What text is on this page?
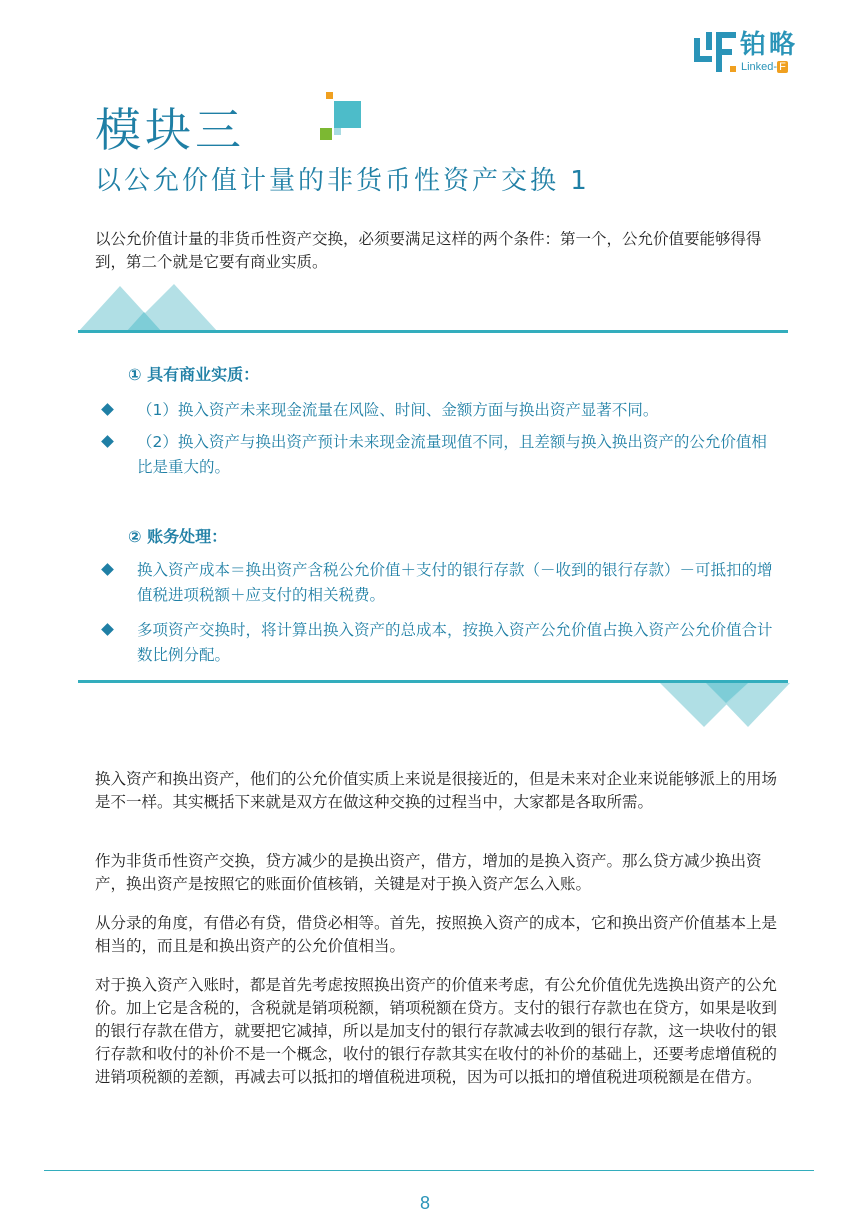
铂略
Linked- F
模块三
以公允价值计量的非货币性资产交换 1

以公允价值计量的非货币性资产交换，必须要满足这样的两个条件：第一个，公允价值要能够得得到，第二个就是它要有商业实质。

① 具有商业实质：

（1）换入资产未来现金流量在风险、时间、金额方面与换出资产显著不同。
（2）换入资产与换出资产预计未来现金流量现值不同，且差额与换入换出资产的公允价值相比是重大的。

② 账务处理：

换入资产成本＝换出资产含税公允价值＋支付的银行存款（－收到的银行存款）－可抵扣的增值税进项税额＋应支付的相关税费。
多项资产交换时，将计算出换入资产的总成本，按换入资产公允价值占换入资产公允价值合计数比例分配。

换入资产和换出资产，他们的公允价值实质上来说是很接近的，但是未来对企业来说能够派上的用场是不一样。其实概括下来就是双方在做这种交换的过程当中，大家都是各取所需。

作为非货币性资产交换，贷方减少的是换出资产，借方，增加的是换入资产。那么贷方减少换出资产，换出资产是按照它的账面价值核销，关键是对于换入资产怎么入账。

从分录的角度，有借必有贷，借贷必相等。首先，按照换入资产的成本，它和换出资产价值基本上是相当的，而且是和换出资产的公允价值相当。

对于换入资产入账时，都是首先考虑按照换出资产的价值来考虑，有公允价值优先选换出资产的公允价。加上它是含税的，含税就是销项税额，销项税额在贷方。支付的银行存款也在贷方，如果是收到的银行存款在借方，就要把它减掉，所以是加支付的银行存款减去收到的银行存款，这一块收付的银行存款和收付的补价不是一个概念，收付的银行存款其实在收付的补价的基础上，还要考虑增值税的进销项税额的差额，再减去可以抵扣的增值税进项税，因为可以抵扣的增值税进项税额是在借方。

8
